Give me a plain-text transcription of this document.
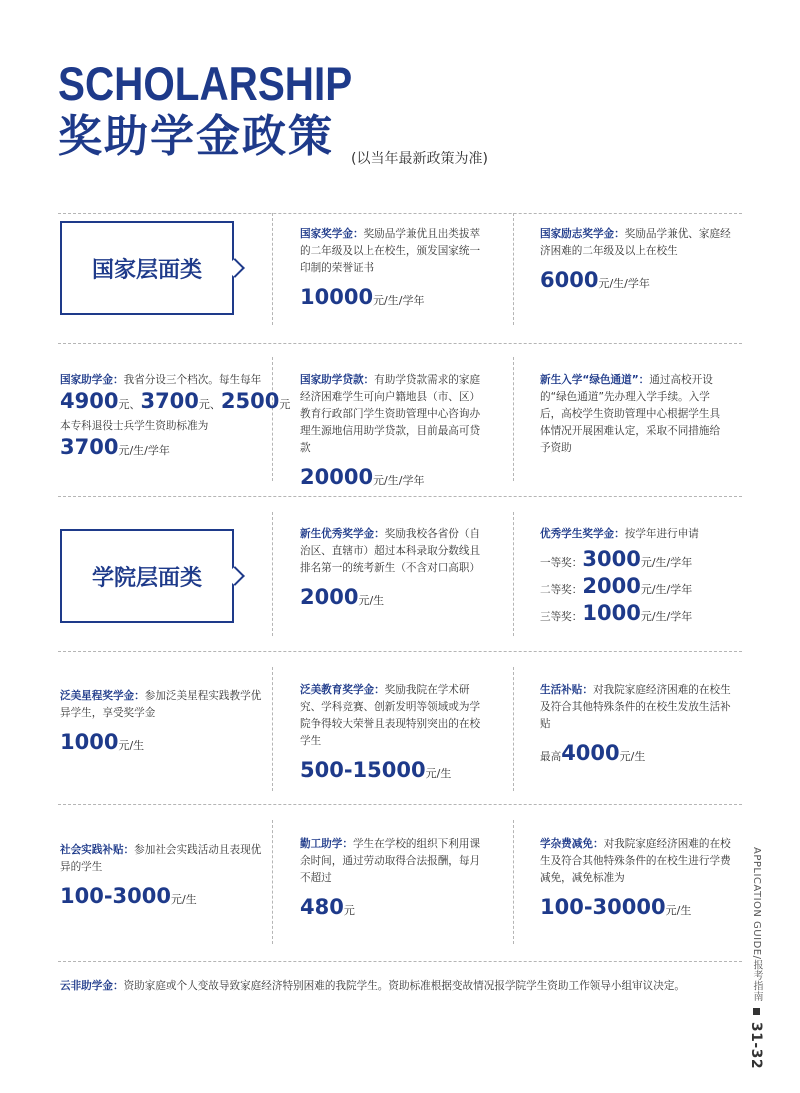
SCHOLARSHIP
奖助学金政策 (以当年最新政策为准)
国家层面类
学院层面类
国家奖学金：奖励品学兼优且出类拔萃的二年级及以上在校生，颁发国家统一印制的荣誉证书
10000元/生/学年
国家励志奖学金：奖励品学兼优、家庭经济困难的二年级及以上在校生
6000元/生/学年
国家助学金：我省分设三个档次。每生每年
4900元、3700元、2500元
本专科退役士兵学生资助标准为
3700元/生/学年
国家助学贷款：有助学贷款需求的家庭经济困难学生可向户籍地县（市、区）教育行政部门学生资助管理中心咨询办理生源地信用助学贷款，目前最高可贷款
20000元/生/学年
新生入学“绿色通道”：通过高校开设的“绿色通道”先办理入学手续。入学后，高校学生资助管理中心根据学生具体情况开展困难认定，采取不同措施给予资助
新生优秀奖学金：奖励我校各省份（自治区、直辖市）超过本科录取分数线且排名第一的统考新生（不含对口高职）
2000元/生
优秀学生奖学金：按学年进行申请
一等奖：3000元/生/学年
二等奖：2000元/生/学年
三等奖：1000元/生/学年
泛美星程奖学金：参加泛美星程实践教学优异学生，享受奖学金
1000元/生
泛美教育奖学金：奖励我院在学术研究、学科竞赛、创新发明等领域或为学院争得较大荣誉且表现特别突出的在校学生
500-15000元/生
生活补贴：对我院家庭经济困难的在校生及符合其他特殊条件的在校生发放生活补贴
最高4000元/生
社会实践补贴：参加社会实践活动且表现优异的学生
100-3000元/生
勤工助学：学生在学校的组织下利用课余时间，通过劳动取得合法报酬，每月不超过
480元
学杂费减免：对我院家庭经济困难的在校生及符合其他特殊条件的在校生进行学费减免，减免标准为
100-30000元/生
云非助学金：资助家庭或个人变故导致家庭经济特别困难的我院学生。资助标准根据变故情况报学院学生资助工作领导小组审议决定。	APPLICATION GUIDE/报考指南  31-32
